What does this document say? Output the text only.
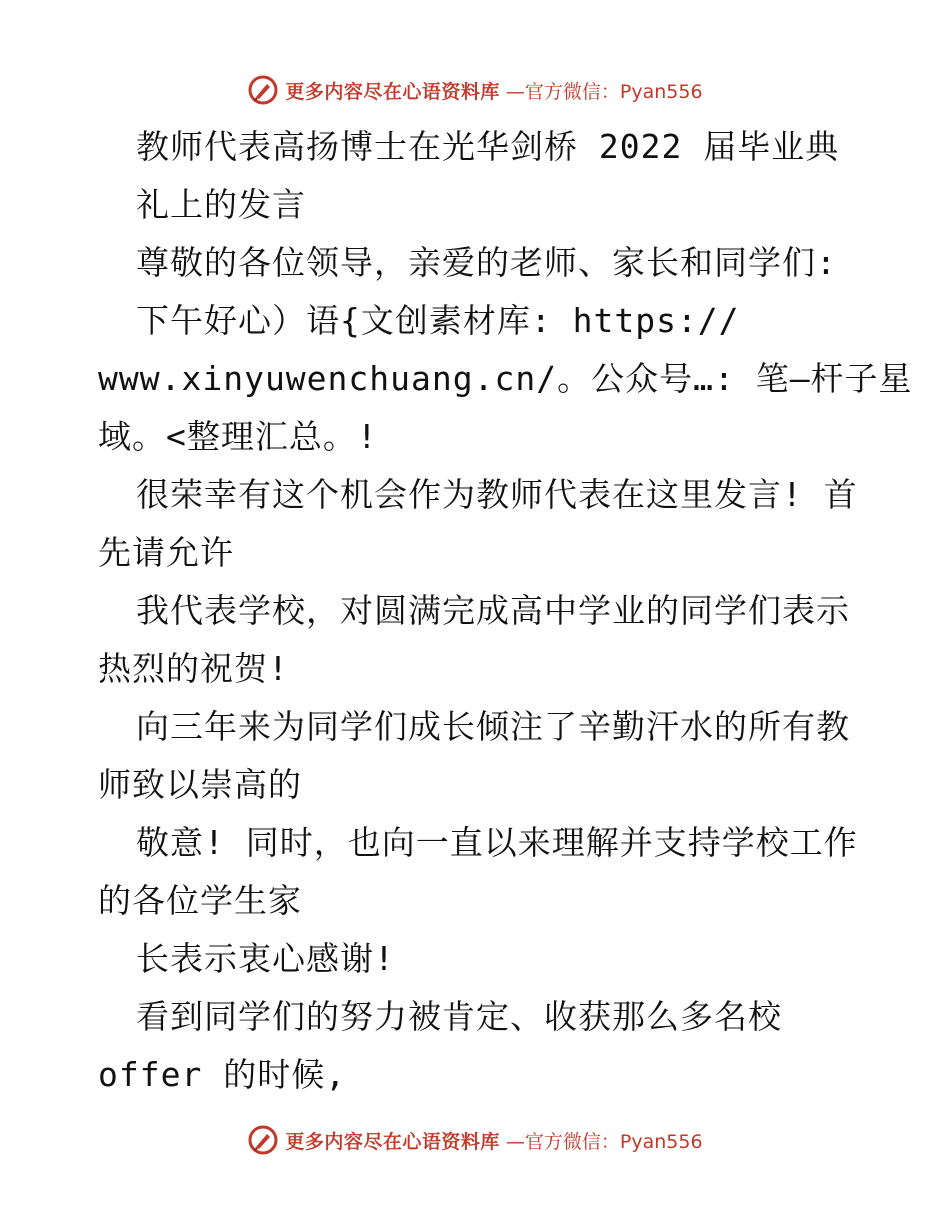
更多内容尽在心语资料库 —官方微信：Pyan556
教师代表高扬博士在光华剑桥 2022 届毕业典
礼上的发言
尊敬的各位领导，亲爱的老师、家长和同学们:
下午好心）语{文创素材库: https://
www.xinyuwenchuang.cn/。公众号…: 笔—杆子星
域。<整理汇总。!
很荣幸有这个机会作为教师代表在这里发言! 首
先请允许
我代表学校，对圆满完成高中学业的同学们表示
热烈的祝贺!
向三年来为同学们成长倾注了辛勤汗水的所有教
师致以崇高的
敬意! 同时，也向一直以来理解并支持学校工作
的各位学生家
长表示衷心感谢!
看到同学们的努力被肯定、收获那么多名校
offer 的时候,
更多内容尽在心语资料库 —官方微信：Pyan556
